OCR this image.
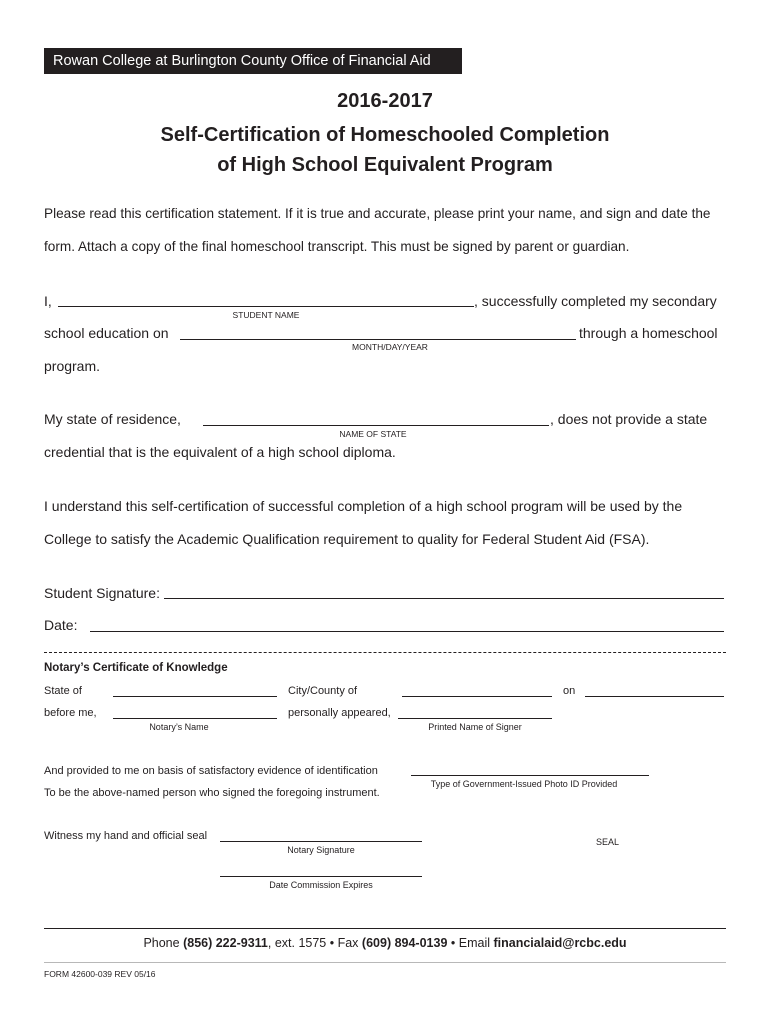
Rowan College at Burlington County Office of Financial Aid
2016-2017
Self-Certification of Homeschooled Completion
of High School Equivalent Program
Please read this certification statement. If it is true and accurate, please print your name, and sign and date the
form. Attach a copy of the final homeschool transcript. This must be signed by parent or guardian.
I,	, successfully completed my secondary
STUDENT NAME
school education on	through a homeschool
MONTH/DAY/YEAR
program.
My state of residence,	, does not provide a state
NAME OF STATE
credential that is the equivalent of a high school diploma.
I understand this self-certification of successful completion of a high school program will be used by the
College to satisfy the Academic Qualification requirement to quality for Federal Student Aid (FSA).
Student Signature:
Date:
Notary’s Certificate of Knowledge
State of	City/County of	on
before me,
Notary’s Name
personally appeared,
Printed Name of Signer
And provided to me on basis of satisfactory evidence of identification
Type of Government-Issued Photo ID Provided
To be the above-named person who signed the foregoing instrument.
Witness my hand and official seal
Notary Signature
SEAL
Date Commission Expires
Phone (856) 222-9311, ext. 1575 • Fax (609) 894-0139 • Email financialaid@rcbc.edu
FORM 42600-039 REV 05/16
